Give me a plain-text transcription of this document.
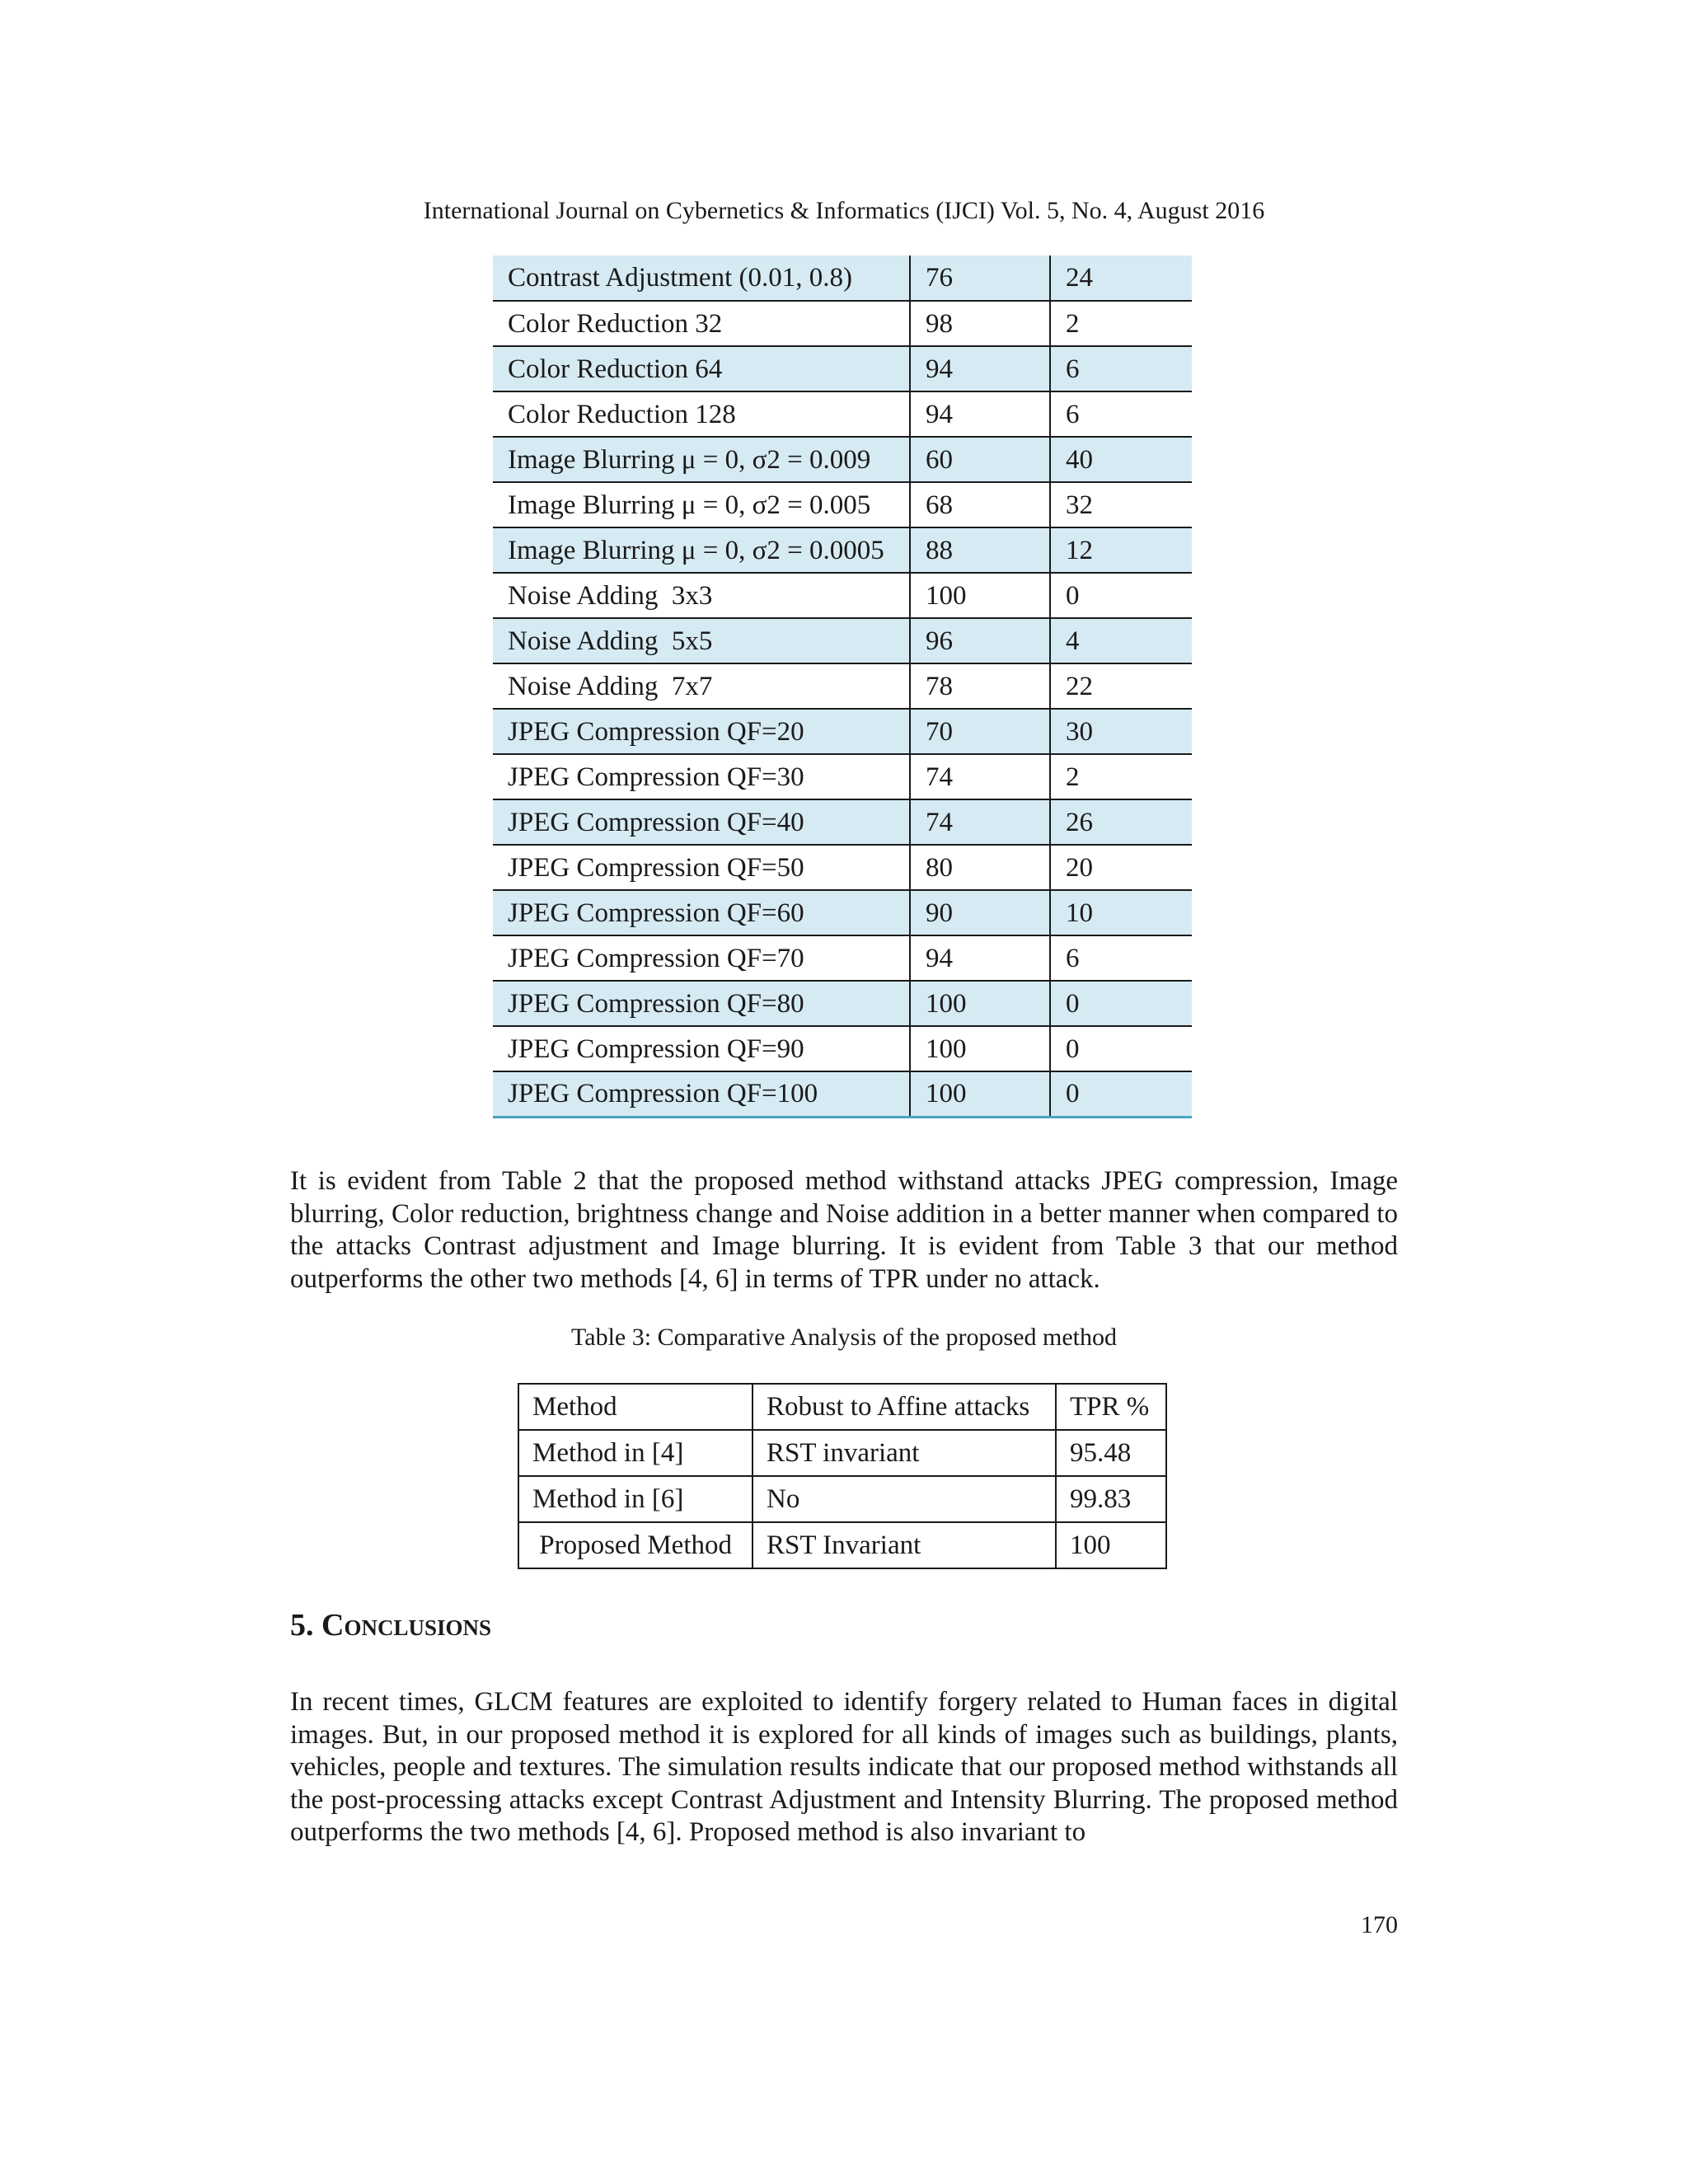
International Journal on Cybernetics & Informatics (IJCI) Vol. 5, No. 4, August 2016
Contrast Adjustment (0.01, 0.8)	76	24
Color Reduction 32	98	2
Color Reduction 64	94	6
Color Reduction 128	94	6
Image Blurring μ = 0, σ2 = 0.009	60	40
Image Blurring μ = 0, σ2 = 0.005	68	32
Image Blurring μ = 0, σ2 = 0.0005	88	12
Noise Adding  3x3	100	0
Noise Adding  5x5	96	4
Noise Adding  7x7	78	22
JPEG Compression QF=20	70	30
JPEG Compression QF=30	74	2
JPEG Compression QF=40	74	26
JPEG Compression QF=50	80	20
JPEG Compression QF=60	90	10
JPEG Compression QF=70	94	6
JPEG Compression QF=80	100	0
JPEG Compression QF=90	100	0
JPEG Compression QF=100	100	0
It is evident from Table 2 that the proposed method withstand attacks JPEG compression, Image blurring, Color reduction, brightness change and Noise addition in a better manner when compared to the attacks Contrast adjustment and Image blurring. It is evident from Table 3 that our method outperforms the other two methods [4, 6] in terms of TPR under no attack.
Table 3: Comparative Analysis of the proposed method
Method	Robust to Affine attacks	TPR %
Method in [4]	RST invariant	95.48
Method in [6]	No	99.83
Proposed Method	RST Invariant	100
5. Conclusions
In recent times, GLCM features are exploited to identify forgery related to Human faces in digital images. But, in our proposed method it is explored for all kinds of images such as buildings, plants, vehicles, people and textures. The simulation results indicate that our proposed method withstands all the post-processing attacks except Contrast Adjustment and Intensity Blurring. The proposed method outperforms the two methods [4, 6]. Proposed method is also invariant to
170
